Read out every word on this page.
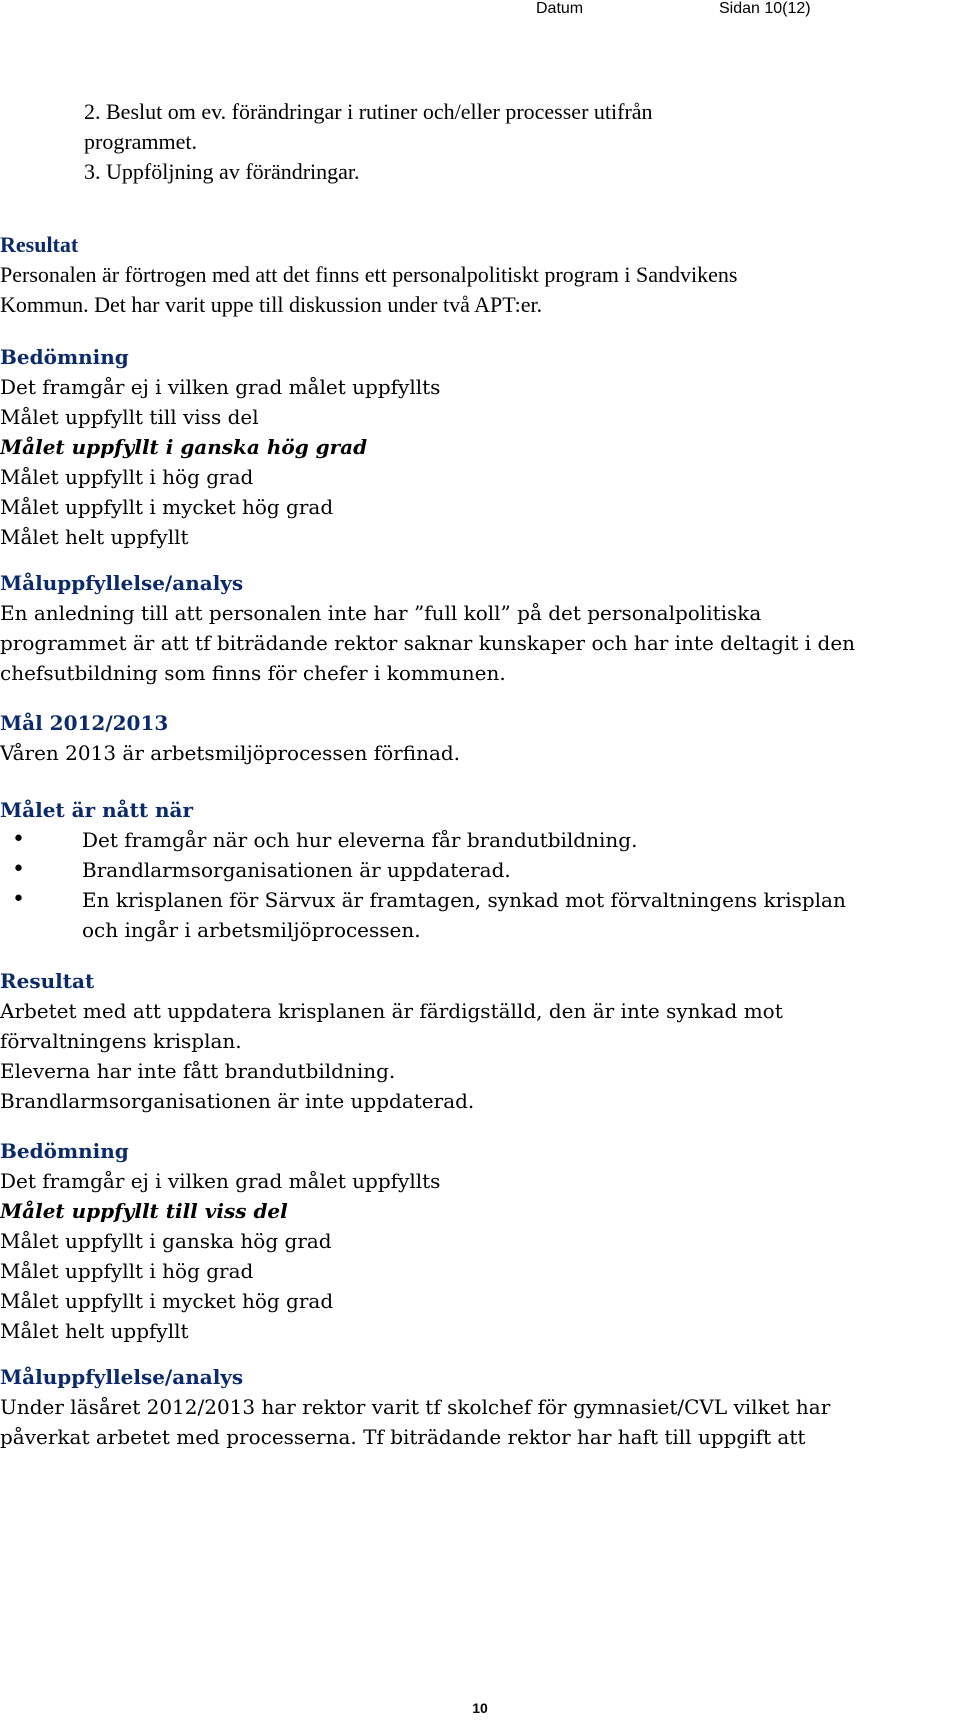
Datum	Sidan 10(12)
2. Beslut om ev. förändringar i rutiner och/eller processer utifrån
programmet.
3. Uppföljning av förändringar.
Resultat
Personalen är förtrogen med att det finns ett personalpolitiskt program i Sandvikens
Kommun. Det har varit uppe till diskussion under två APT:er.
Bedömning
Det framgår ej i vilken grad målet uppfyllts
Målet uppfyllt till viss del
Målet uppfyllt i ganska hög grad
Målet uppfyllt i hög grad
Målet uppfyllt i mycket hög grad
Målet helt uppfyllt
Måluppfyllelse/analys
En anledning till att personalen inte har ”full koll” på det personalpolitiska
programmet är att tf biträdande rektor saknar kunskaper och har inte deltagit i den
chefsutbildning som finns för chefer i kommunen.
Mål 2012/2013
Våren 2013 är arbetsmiljöprocessen förfinad.
Målet är nått när
•	Det framgår när och hur eleverna får brandutbildning.
•	Brandlarmsorganisationen är uppdaterad.
•	En krisplanen för Särvux är framtagen, synkad mot förvaltningens krisplan
och ingår i arbetsmiljöprocessen.
Resultat
Arbetet med att uppdatera krisplanen är färdigställd, den är inte synkad mot
förvaltningens krisplan.
Eleverna har inte fått brandutbildning.
Brandlarmsorganisationen är inte uppdaterad.
Bedömning
Det framgår ej i vilken grad målet uppfyllts
Målet uppfyllt till viss del
Målet uppfyllt i ganska hög grad
Målet uppfyllt i hög grad
Målet uppfyllt i mycket hög grad
Målet helt uppfyllt
Måluppfyllelse/analys
Under läsåret 2012/2013 har rektor varit tf skolchef för gymnasiet/CVL vilket har
påverkat arbetet med processerna. Tf biträdande rektor har haft till uppgift att
10
